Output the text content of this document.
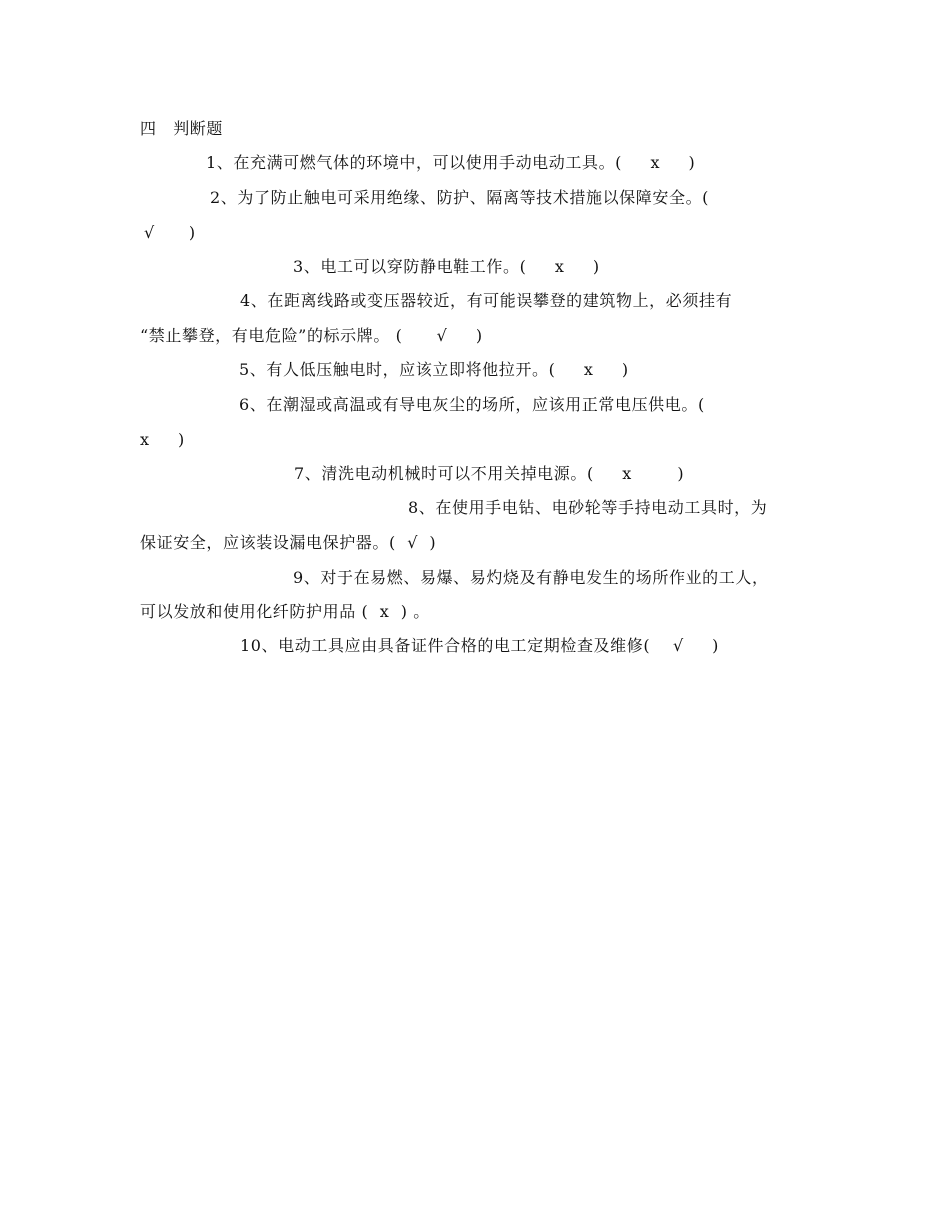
四　判断题
1、在充满可燃气体的环境中，可以使用手动电动工具。(     x     )
2、为了防止触电可采用绝缘、防护、隔离等技术措施以保障安全。(
√      )
3、电工可以穿防静电鞋工作。(     x     )
4、在距离线路或变压器较近，有可能误攀登的建筑物上，必须挂有
“禁止攀登，有电危险”的标示牌。 (      √     )
5、有人低压触电时，应该立即将他拉开。(     x     )
6、在潮湿或高温或有导电灰尘的场所，应该用正常电压供电。(
x     )
7、清洗电动机械时可以不用关掉电源。(     x        )
8、在使用手电钻、电砂轮等手持电动工具时，为
保证安全，应该装设漏电保护器。(  √  )
9、对于在易燃、易爆、易灼烧及有静电发生的场所作业的工人，
可以发放和使用化纤防护用品 (  x  ) 。
10、电动工具应由具备证件合格的电工定期检查及维修(    √     )
